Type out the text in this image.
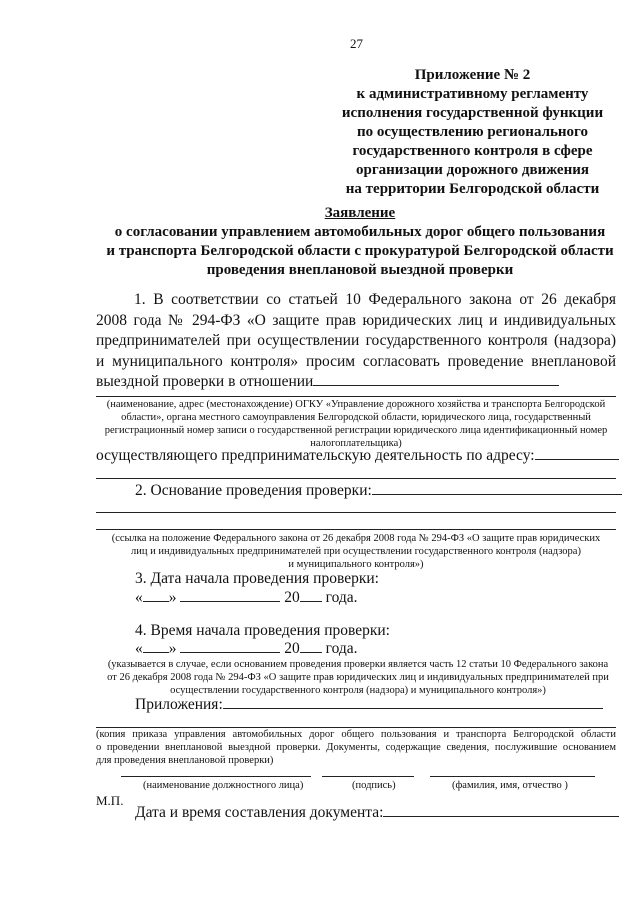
27
Приложение № 2
к административному регламенту
исполнения государственной функции
по осуществлению регионального
государственного контроля в сфере
организации дорожного движения
на территории Белгородской области
Заявление
о согласовании управлением автомобильных дорог общего пользования
и транспорта Белгородской области с прокуратурой Белгородской области
проведения внеплановой выездной проверки
1. В соответствии со статьей 10 Федерального закона от 26 декабря
2008 года № 294-ФЗ «О защите прав юридических лиц и индивидуальных
предпринимателей при осуществлении государственного контроля (надзора)
и муниципального контроля» просим согласовать проведение внеплановой
выездной проверки в отношении
(наименование, адрес (местонахождение) ОГКУ «Управление дорожного хозяйства и транспорта Белгородской
области», органа местного самоуправления Белгородской области, юридического лица, государственный
регистрационный номер записи о государственной регистрации юридического лица идентификационный номер
налогоплательщика)
осуществляющего предпринимательскую деятельность по адресу:
2. Основание проведения проверки:
(ссылка на положение Федерального закона от 26 декабря 2008 года № 294-ФЗ «О защите прав юридических
лиц и индивидуальных предпринимателей при осуществлении государственного контроля (надзора)
и муниципального контроля»)
3. Дата начала проведения проверки:
« »	20 года.
4. Время начала проведения проверки:
« »	20 года.
(указывается в случае, если основанием проведения проверки является часть 12 статьи 10 Федерального закона
от 26 декабря 2008 года № 294-ФЗ «О защите прав юридических лиц и индивидуальных предпринимателей при
осуществлении государственного контроля (надзора) и муниципального контроля»)
Приложения:
(копия приказа управления автомобильных дорог общего пользования и транспорта Белгородской области
о проведении внеплановой выездной проверки. Документы, содержащие сведения, послужившие основанием
для проведения внеплановой проверки)
(наименование должностного лица)	(подпись)	(фамилия, имя, отчество )
М.П.
Дата и время составления документа:
